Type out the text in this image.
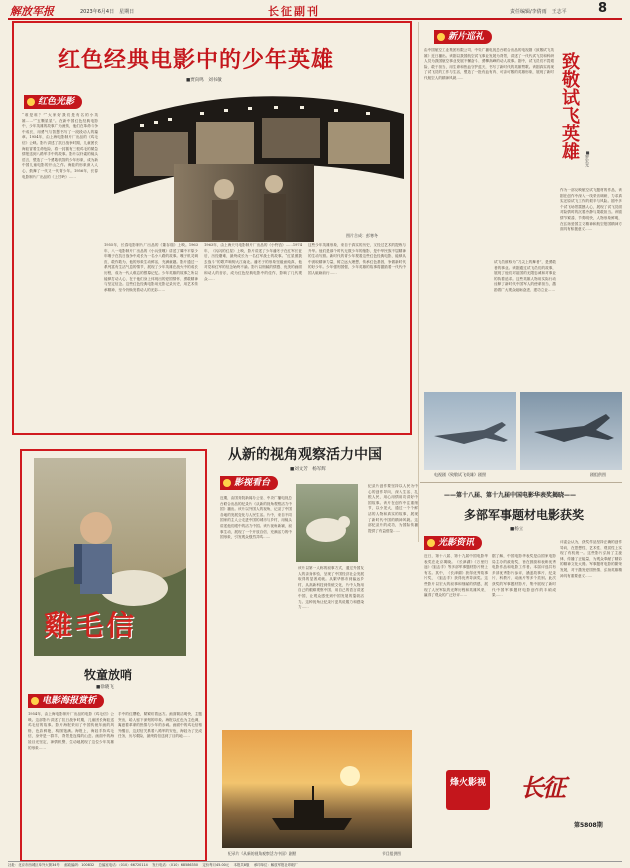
解放军报	2023年6月4日　星期日	长征副刊	责任编辑/李倩雨　王志平 8
红色经典电影中的少年英雄
■贾向鸣　刘书敏
图片合成：彭寒冬
红色光影
“谁是谁？”“大家好我们是有名的小英雄……”“五颗星星”。在新中国红色经典电影中，少年英雄的故事广为流传，他们在革命斗争中成长，用勇气与智慧书写了一段段动人的篇章。1954年，由上海电影制片厂出品的《鸡毛信》公映。影片讲述了抗日战争时期，儿童团长海娃冒着生命危险，将一封插有三根鸡毛的紧急情报送到八路军手中的故事。影片以朴素的镜头语言，塑造了一个勇敢机智的少年形象，成为新中国儿童电影的开山之作。海娃的形象深入人心，鼓舞了一代又一代青少年。1956年，长春电影制片厂出品的《上甘岭》……
1955年，长春电影制片厂出品的《董存瑞》上映。1963年，八一电影制片厂出品的《小兵张嘎》讲述了冀中平原少年嘎子在抗日战争中成长为一名小八路的故事。嘎子机灵调皮、敢作敢为，他的形象生动鲜活，充满童趣。影片通过一系列富有生活气息的情节，展现了少年英雄在战火中的成长历程，成为一代人难忘的银幕记忆。少年英雄的故事之所以能够打动人心，在于他们身上体现出的爱国情怀、勇敢精神与坚定信念。这些红色经典电影用光影记录历史，用艺术传承精神，至今仍焕发着动人的光彩……
1963年，由上海天马电影制片厂出品的《小铃铛》……1974年，《闪闪的红星》上映，影片讲述了少年潘冬子在红军长征后，历经磨难，最终成长为一名红军战士的故事。“红星照我去战斗”的歌声响彻大江南北。潘冬子的形象坚毅而纯真，他对党和红军的信念始终不渝。影片以细腻的情感、优美的画面和动人的音乐，成为红色经典电影中的佳作，影响了几代观众……
这些少年英雄形象，来自于真实的历史，又经过艺术的提炼与升华。他们是那个时代无数少年的缩影，是中华民族不屈精神的生动写照。新时代的青少年观看这些红色经典电影，能够从中汲取精神力量，树立远大理想，传承红色基因，争做新时代的好少年。少年强则国强，少年英雄的故事将激励着一代代中国人砥砺前行……
新片巡礼
致敬试飞英雄	■罗宏光
由中国航空工业集团有限公司、中央广播电视总台联合出品的电视剧《致敬试飞英雄》近日播出。该剧以我国航空试飞事业发展为背景，讲述了一代代试飞员和科研人员为我国航空事业发展不懈奋斗、勇攀高峰的动人故事。剧中，试飞员们不畏艰险、敢于担当，用生命和热血守护蓝天，书写了新时代的英雄赞歌。该剧真实再现了试飞员的工作与生活，塑造了一批有血有肉、可亲可敬的英雄形象，展现了新时代航空人的精神风貌……
作为一部反映航空试飞题材的作品，该剧在创作中深入一线采访调研，力求真实还原试飞工作的艰辛与风险。剧中多个试飞场景震撼人心，展现了试飞员面对险情时的沉着冷静与果敢担当。该剧情节紧凑、节奏明快，人物形象鲜明，在弘扬爱国主义精神和航空报国精神方面具有积极意义……
试飞员被称为“刀尖上的舞者”，是勇敢者的事业。该剧通过试飞员们的故事，展现了他们对祖国的无限忠诚和对事业的执着追求。这些英雄人物用实际行动诠释了新时代中国军人的使命担当，激励着广大观众砥砺奋进、建功立业……
电视剧《致敬试飞英雄》剧照	剧组供图
雞毛信
牧童放哨
■徐晓飞
电影海报赏析
1954年，由上海电影制片厂出品的电影《鸡毛信》公映。这部影片讲述了抗日战争时期，儿童团长海娃送鸡毛信的故事。影片海报采用了中国传统年画的风格，色彩鲜艳，构图饱满。海报上，海娃手持鸡毛信，身旁是一群羊，背景是连绵的山峦。画面中的海娃目光坚定，神情机警，生动地展现了这位少年英雄的形象……
手中的红缨枪，紧紧盯着远方。画面简洁明快，主题突出，给人留下深刻的印象。海报以红色为主色调，寓意着革命的热情与少年的赤诚。画面中的鸡毛信格外醒目，这封信关系着八路军的安危，海娃为了完成任务，历尽艰险，最终将信送到了目的地……
从新的视角观察活力中国
■刘文芳　杨军辉
影视看台
近期，由国务院新闻办公室、中央广播电视总台联合出品的纪录片《从新的视角观察活力中国》播出。该片以外国人的视角，记录了中国各地的发展变化与人民生活。片中，来自不同国家的主人公走进中国的城市与乡村，用镜头讲述他们眼中的活力中国。该片视角新颖，叙事生动，展现了一个开放自信、充满活力的中国形象，引发观众强烈共鸣……
该片以第一人称的叙事方式，通过外国友人的亲身体验，呈现了中国经济社会发展取得的显著成就。从繁华都市到偏远乡村，从高新科技到传统文化，片中人物用自己的眼睛观察中国、用自己的语言讲述中国，让观众感受到中国发展的蓬勃活力。这种视角让纪录片更具说服力和感染力……
纪录片创作要坚持以人民为中心的创作导向，深入生活、扎根人民，用心用情用功讲好中国故事。该片在创作中注重细节，以小见大，通过一个个鲜活的人物和真实的故事，展现了新时代中国的精神风貌。这部纪录片的成功，为国际传播提供了有益借鉴……
纪录片《从新的视角观察活力中国》剧照	节目组供图
——第十八届、第十九届中国电影华表奖揭晓——
多部军事题材电影获奖
■杨立
光影资讯
近日，第十八届、第十九届中国电影华表奖在北京揭晓。《长津湖》《万里归途》《狙击手》等多部军事题材影片榜上有名。其中，《长津湖》获得优秀故事片奖，《狙击手》获得优秀导演奖。这些影片以宏大的叙事和细腻的情感，展现了人民军队的光辉历程和英雄风采，赢得了观众的广泛好评……
据了解，中国电影华表奖是由国家电影局主办的政府奖，旨在鼓励和表彰优秀电影作品和电影工作者。本届评选共有多部优秀影片参评，涵盖故事片、纪录片、科教片、动画片等多个类别。此次获奖的军事题材影片，集中展现了新时代中国军事题材电影创作的丰硕成果……
评委会认为，获奖作品坚持正确的创作导向，在思想性、艺术性、观赏性上实现了有机统一。这些影片弘扬了主旋律，传播了正能量，为观众奉献了精彩的精神文化大餐。军事题材电影的繁荣发展，对于激发爱国热情、弘扬英雄精神具有重要意义……
烽火影视 长征
第5808期
社址：北京市西城区阜外大街34号　 邮政编码：100832　 总编室电话：（010）66720114　 发行电话：（010）68586350　 定价每月45.00元　 本报共8版　 承印单位：解放军报社印刷厂
